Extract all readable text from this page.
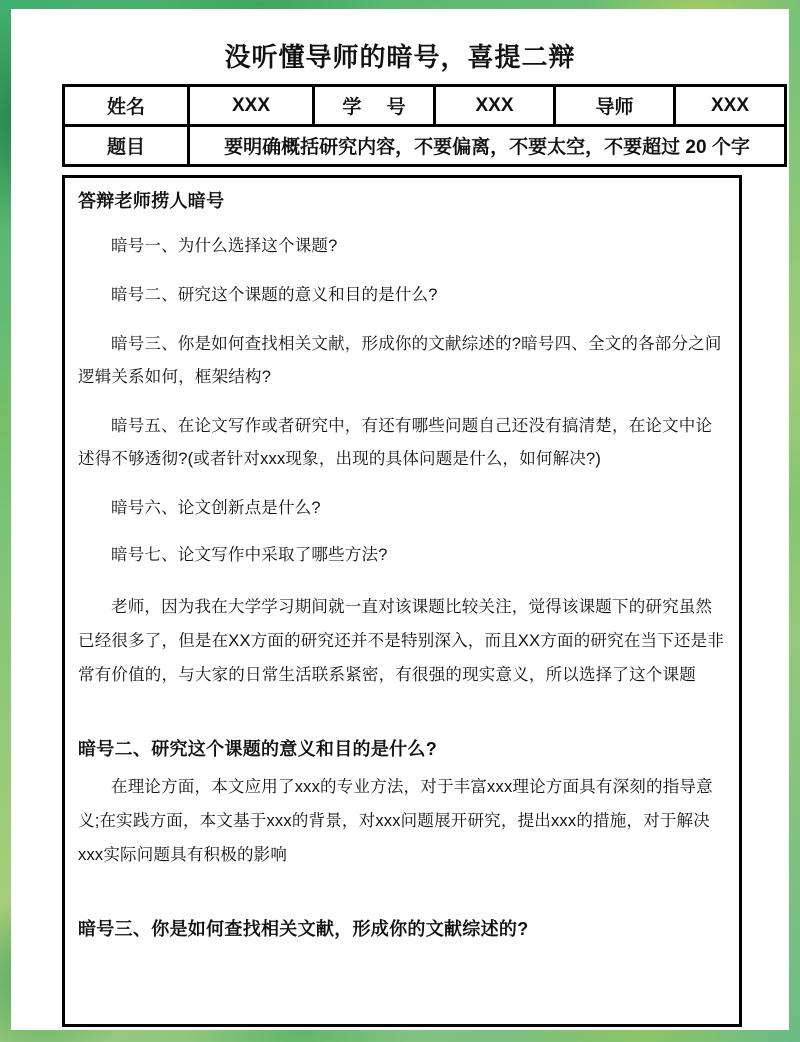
没听懂导师的暗号，喜提二辩
姓名	XXX	学 号	XXX	导师	XXX
题目	要明确概括研究内容，不要偏离，不要太空，不要超过 20 个字				
答辩老师捞人暗号

暗号一、为什么选择这个课题?

暗号二、研究这个课题的意义和目的是什么?

暗号三、你是如何查找相关文献，形成你的文献综述的?暗号四、全文的各部分之间逻辑关系如何，框架结构?

暗号五、在论文写作或者研究中，有还有哪些问题自己还没有搞清楚，在论文中论述得不够透彻?(或者针对xxx现象，出现的具体问题是什么，如何解决?)

暗号六、论文创新点是什么?

暗号七、论文写作中采取了哪些方法?

老师，因为我在大学学习期间就一直对该课题比较关注，觉得该课题下的研究虽然已经很多了，但是在XX方面的研究还并不是特别深入，而且XX方面的研究在当下还是非常有价值的，与大家的日常生活联系紧密，有很强的现实意义，所以选择了这个课题

暗号二、研究这个课题的意义和目的是什么?

在理论方面，本文应用了xxx的专业方法，对于丰富xxx理论方面具有深刻的指导意义;在实践方面，本文基于xxx的背景，对xxx问题展开研究，提出xxx的措施，对于解决xxx实际问题具有积极的影响

暗号三、你是如何查找相关文献，形成你的文献综述的?
